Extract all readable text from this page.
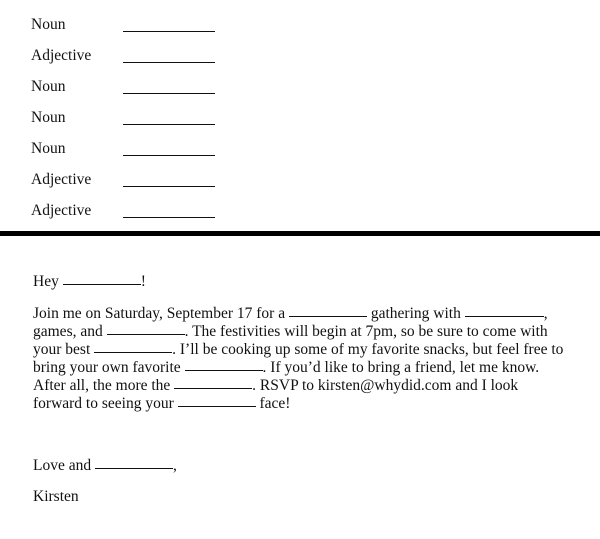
Noun
Adjective
Noun
Noun
Noun
Adjective
Adjective
Hey	!
Join me on Saturday, September 17 for a	gathering with	,
games, and	. The festivities will begin at 7pm, so be sure to come with
your best	. I’ll be cooking up some of my favorite snacks, but feel free to
bring your own favorite	. If you’d like to bring a friend, let me know.
After all, the more the	. RSVP to kirsten@whydid.com and I look
forward to seeing your	face!
Love and	,
Kirsten
